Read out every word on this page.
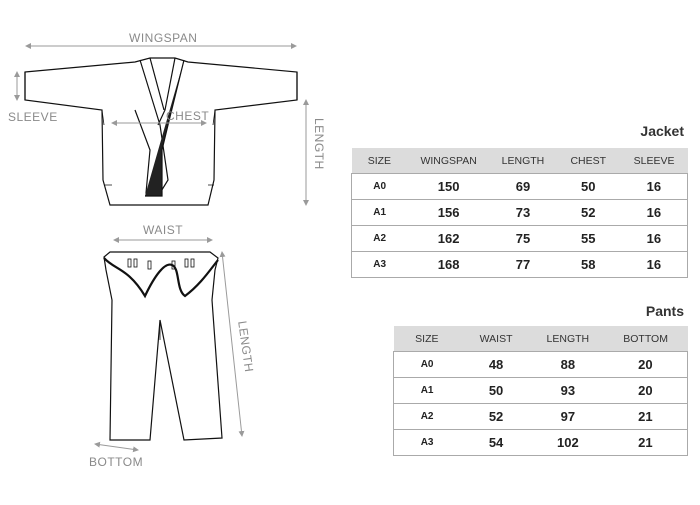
WINGSPAN
SLEEVE	CHEST
LENGTH
WAIST
LENGTH
BOTTOM
Jacket
SIZE	WINGSPAN	LENGTH	CHEST	SLEEVE
A0	150	69	50	16
A1	156	73	52	16
A2	162	75	55	16
A3	168	77	58	16
Pants
SIZE	WAIST	LENGTH	BOTTOM
A0	48	88	20
A1	50	93	20
A2	52	97	21
A3	54	102	21
